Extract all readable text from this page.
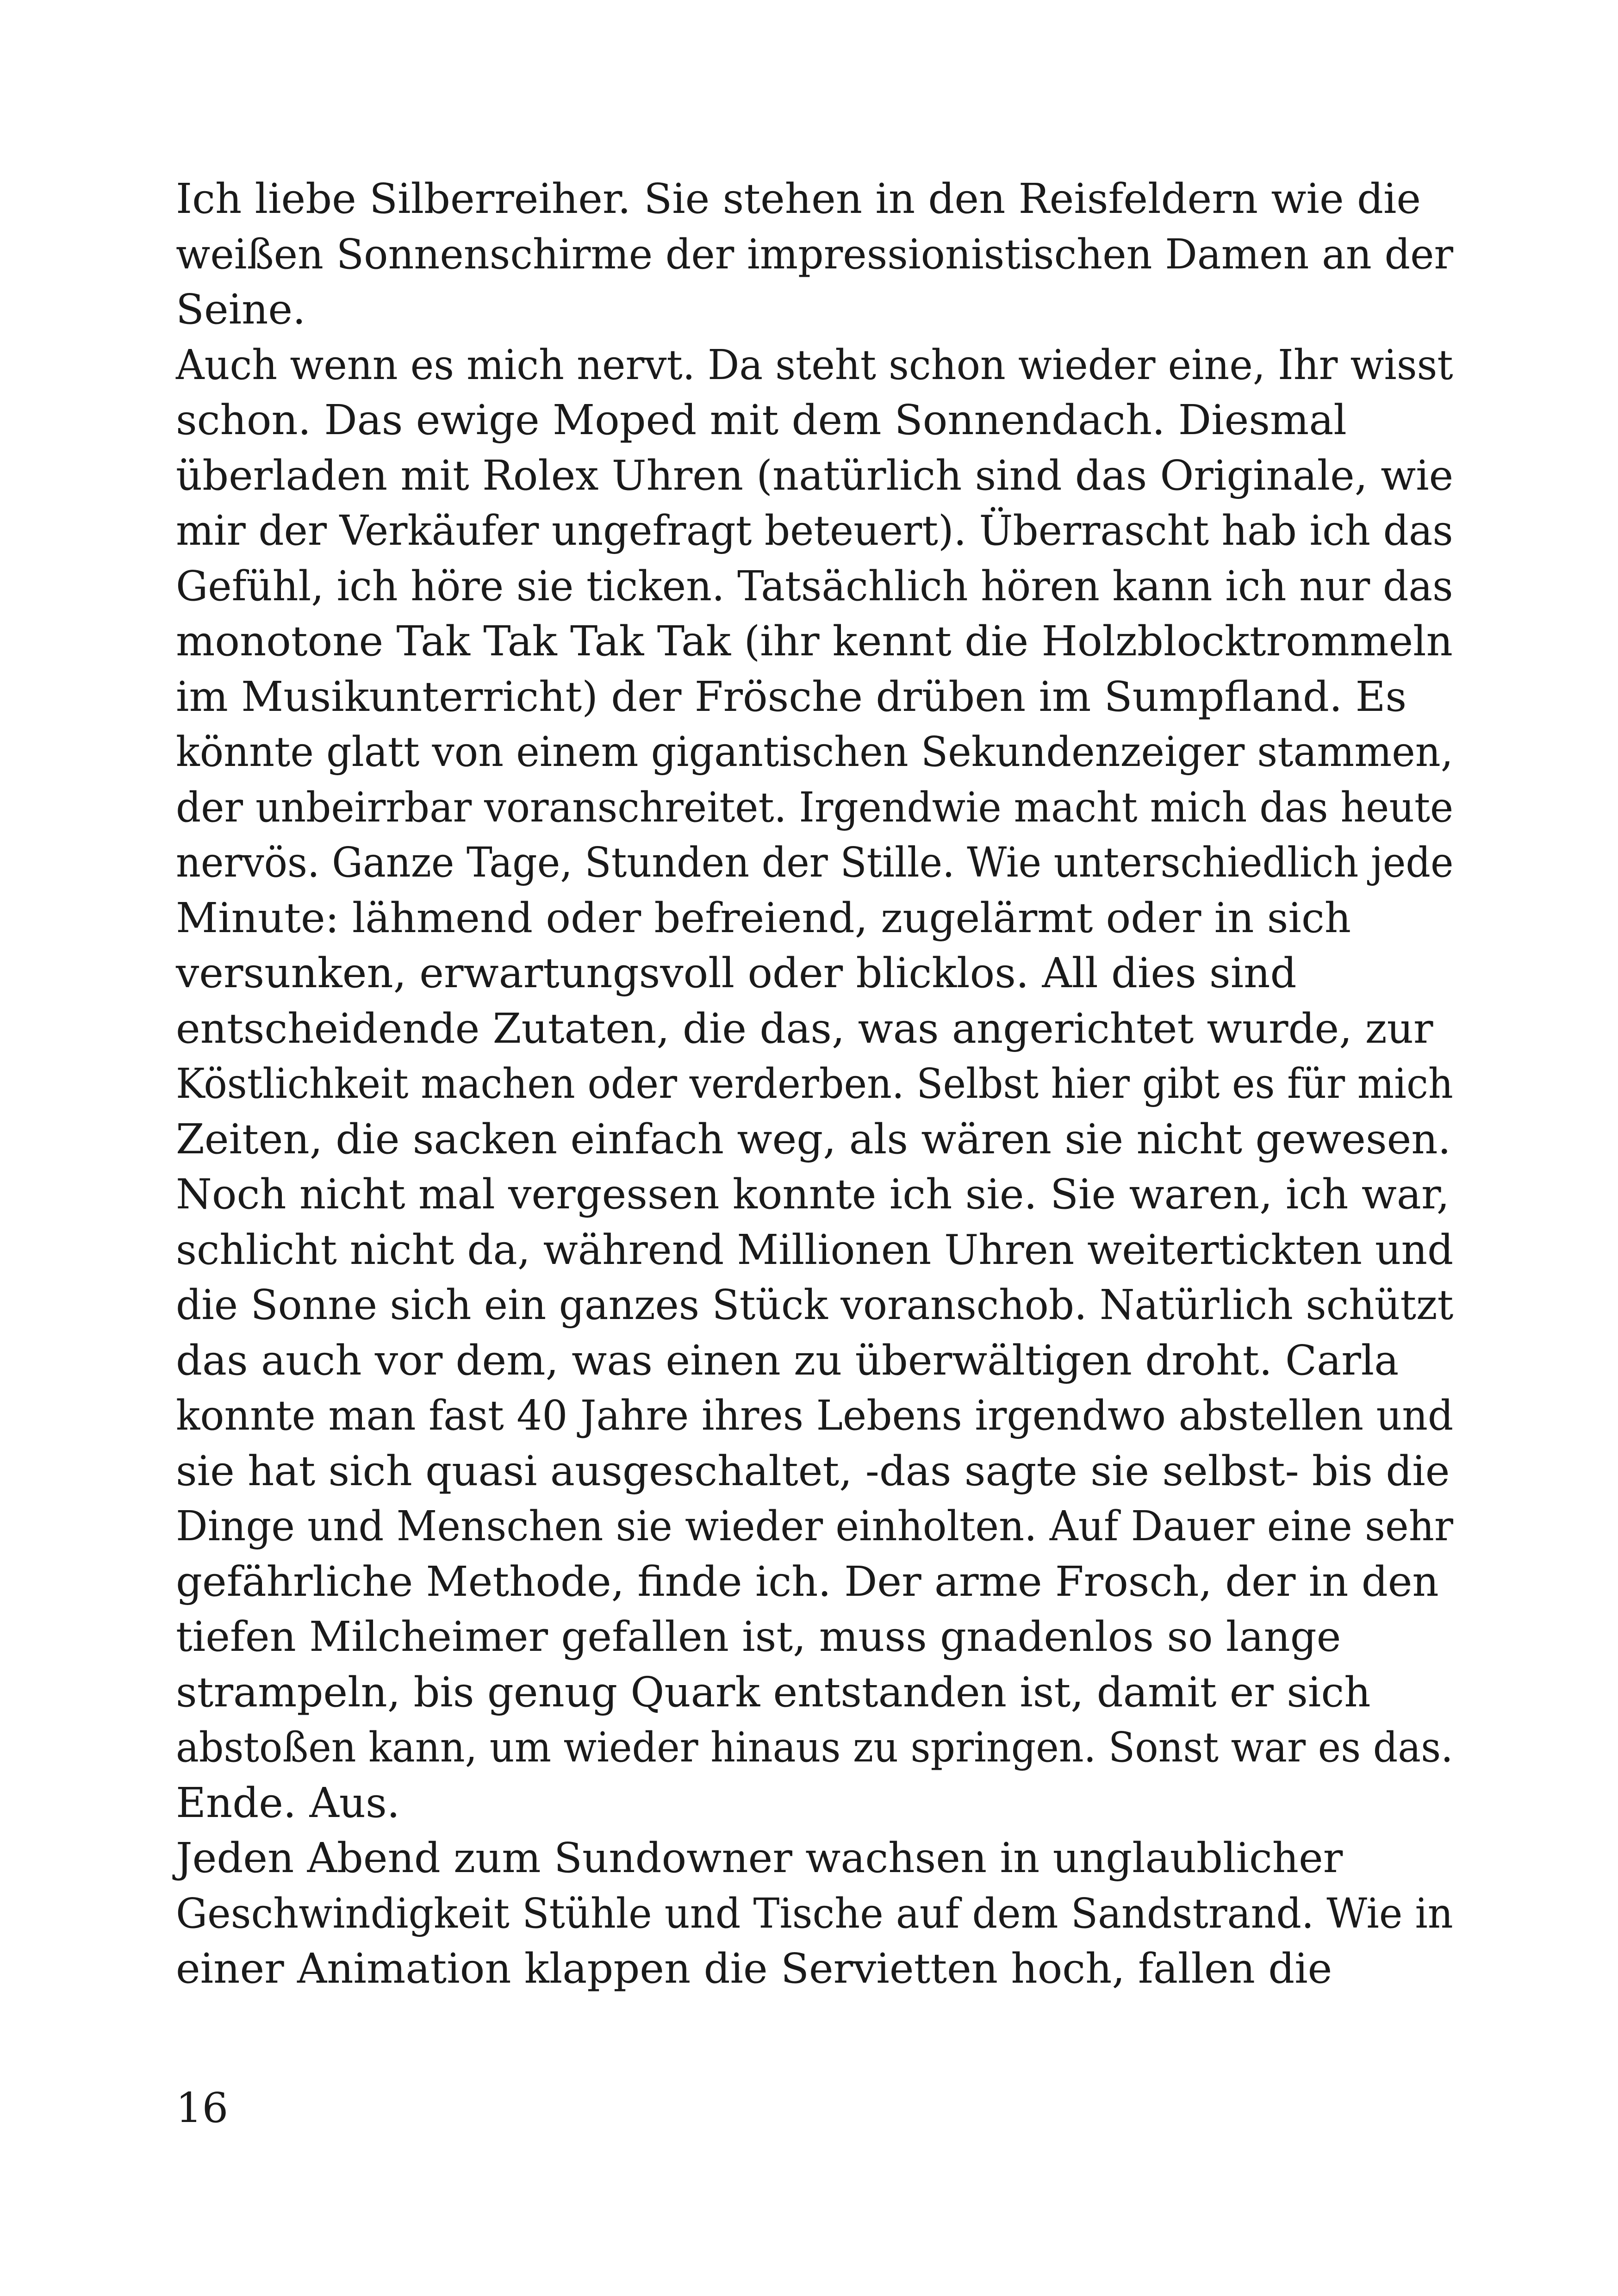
Ich liebe Silberreiher. Sie stehen in den Reisfeldern wie die
weißen Sonnenschirme der impressionistischen Damen an der
Seine.
Auch wenn es mich nervt. Da steht schon wieder eine, Ihr wisst
schon. Das ewige Moped mit dem Sonnendach. Diesmal
überladen mit Rolex Uhren (natürlich sind das Originale, wie
mir der Verkäufer ungefragt beteuert). Überrascht hab ich das
Gefühl, ich höre sie ticken. Tatsächlich hören kann ich nur das
monotone Tak Tak Tak Tak (ihr kennt die Holzblocktrommeln
im Musikunterricht) der Frösche drüben im Sumpfland. Es
könnte glatt von einem gigantischen Sekundenzeiger stammen,
der unbeirrbar voranschreitet. Irgendwie macht mich das heute
nervös. Ganze Tage, Stunden der Stille. Wie unterschiedlich jede
Minute: lähmend oder befreiend, zugelärmt oder in sich
versunken, erwartungsvoll oder blicklos. All dies sind
entscheidende Zutaten, die das, was angerichtet wurde, zur
Köstlichkeit machen oder verderben. Selbst hier gibt es für mich
Zeiten, die sacken einfach weg, als wären sie nicht gewesen.
Noch nicht mal vergessen konnte ich sie. Sie waren, ich war,
schlicht nicht da, während Millionen Uhren weitertickten und
die Sonne sich ein ganzes Stück voranschob. Natürlich schützt
das auch vor dem, was einen zu überwältigen droht. Carla
konnte man fast 40 Jahre ihres Lebens irgendwo abstellen und
sie hat sich quasi ausgeschaltet, -das sagte sie selbst- bis die
Dinge und Menschen sie wieder einholten. Auf Dauer eine sehr
gefährliche Methode, finde ich. Der arme Frosch, der in den
tiefen Milcheimer gefallen ist, muss gnadenlos so lange
strampeln, bis genug Quark entstanden ist, damit er sich
abstoßen kann, um wieder hinaus zu springen. Sonst war es das.
Ende. Aus.
Jeden Abend zum Sundowner wachsen in unglaublicher
Geschwindigkeit Stühle und Tische auf dem Sandstrand. Wie in
einer Animation klappen die Servietten hoch, fallen die
16
